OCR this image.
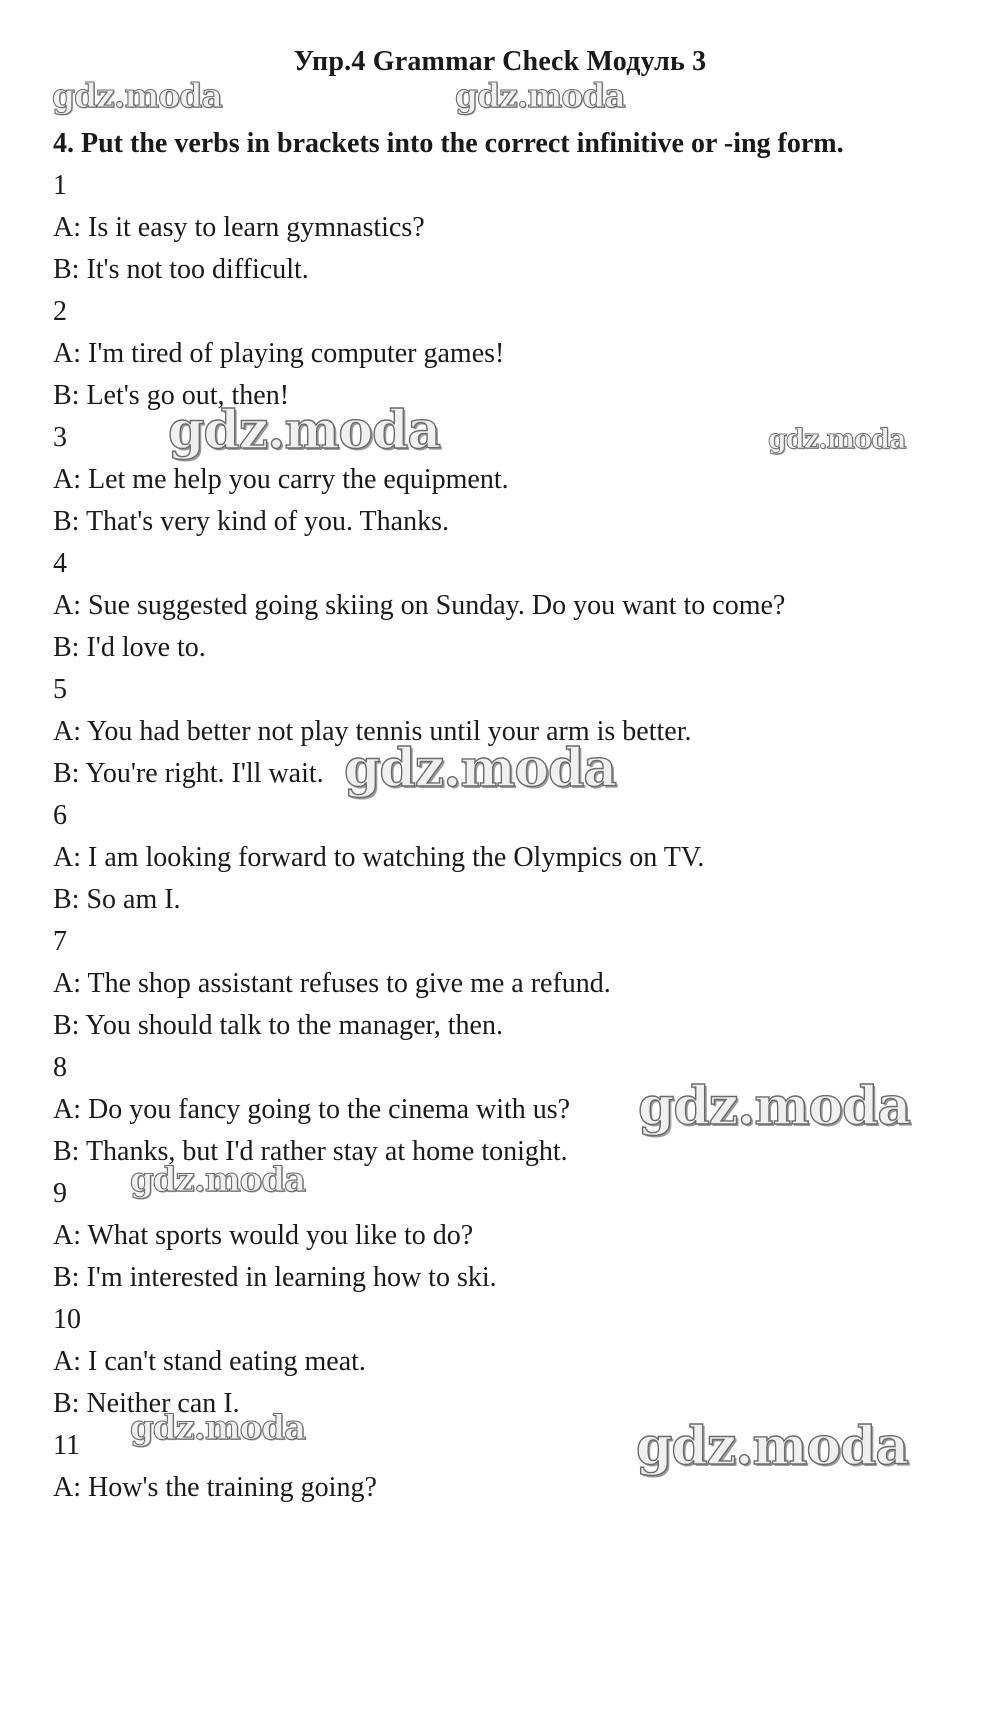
Упр.4 Grammar Check Модуль 3
4. Put the verbs in brackets into the correct infinitive or -ing form.
1
A: Is it easy to learn gymnastics?
B: It's not too difficult.
2
A: I'm tired of playing computer games!
B: Let's go out, then!
3
A: Let me help you carry the equipment.
B: That's very kind of you. Thanks.
4
A: Sue suggested going skiing on Sunday. Do you want to come?
B: I'd love to.
5
A: You had better not play tennis until your arm is better.
B: You're right. I'll wait.
6
A: I am looking forward to watching the Olympics on TV.
B: So am I.
7
A: The shop assistant refuses to give me a refund.
B: You should talk to the manager, then.
8
A: Do you fancy going to the cinema with us?
B: Thanks, but I'd rather stay at home tonight.
9
A: What sports would you like to do?
B: I'm interested in learning how to ski.
10
A: I can't stand eating meat.
B: Neither can I.
11
A: How's the training going?
gdz.moda	gdz.moda
gdz.moda	gdz.moda
gdz.moda
gdz.moda
gdz.moda
gdz.moda	gdz.moda
